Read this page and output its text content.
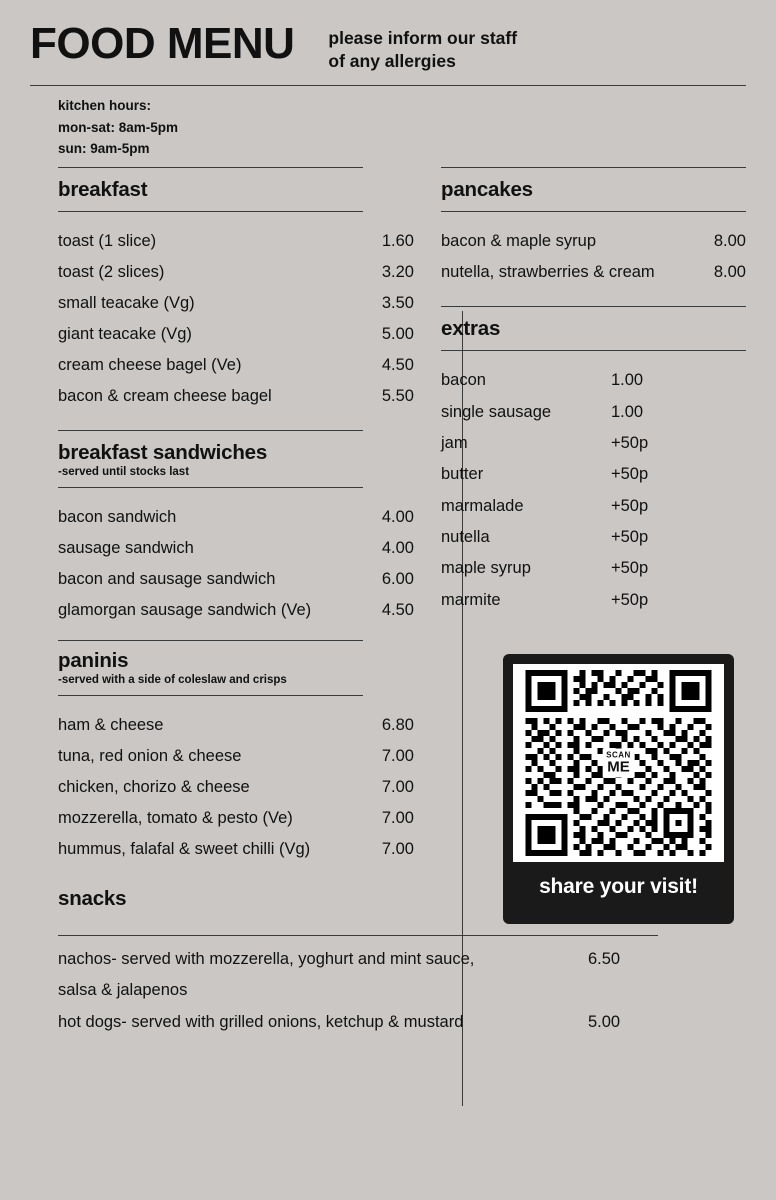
FOOD MENU please inform our staff
of any allergies
kitchen hours:
mon-sat: 8am-5pm
sun: 9am-5pm
breakfast
toast (1 slice)	1.60
toast (2 slices)	3.20
small teacake (Vg)	3.50
giant teacake (Vg)	5.00
cream cheese bagel (Ve)	4.50
bacon & cream cheese bagel	5.50
breakfast sandwiches

-served until stocks last

bacon sandwich	4.00
sausage sandwich	4.00
bacon and sausage sandwich	6.00
glamorgan sausage sandwich (Ve)	4.50
paninis

-served with a side of coleslaw and crisps

ham & cheese	6.80
tuna, red onion & cheese	7.00
chicken, chorizo & cheese	7.00
mozzerella, tomato & pesto (Ve)	7.00
hummus, falafal & sweet chilli (Vg)	7.00
snacks
pancakes
bacon & maple syrup	8.00
nutella, strawberries & cream	8.00
extras
bacon	1.00
single sausage	1.00
jam	+50p
butter	+50p
marmalade	+50p
nutella	+50p
maple syrup	+50p
marmite	+50p
SCAN
ME
share your visit!
nachos- served with mozzerella, yoghurt and mint sauce,	6.50
salsa & jalapenos
hot dogs- served with grilled onions, ketchup & mustard	5.00
